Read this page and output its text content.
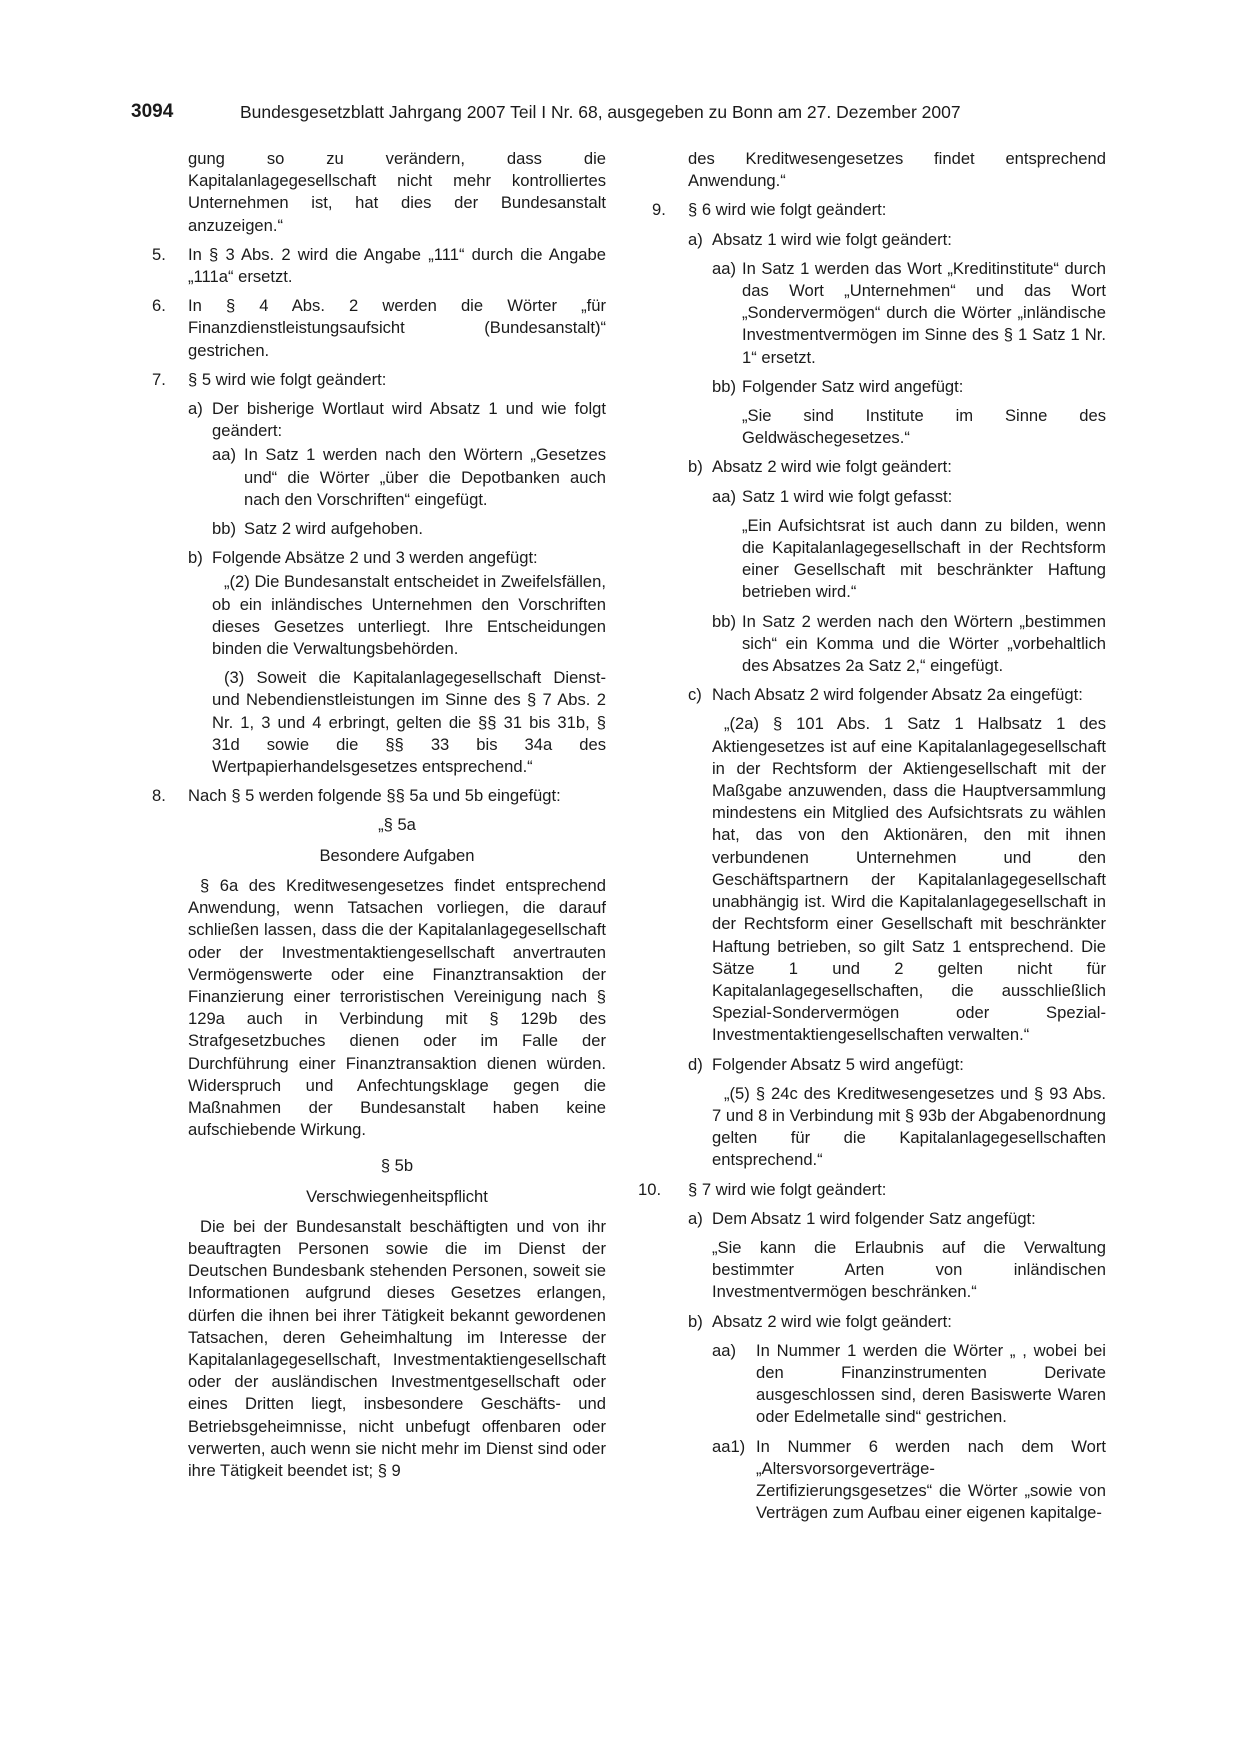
3094	Bundesgesetzblatt Jahrgang 2007 Teil I Nr. 68, ausgegeben zu Bonn am 27. Dezember 2007
gung so zu verändern, dass die Kapitalanlagegesellschaft nicht mehr kontrolliertes Unternehmen ist, hat dies der Bundesanstalt anzuzeigen.“
5. In § 3 Abs. 2 wird die Angabe „111“ durch die Angabe „111a“ ersetzt.
6. In § 4 Abs. 2 werden die Wörter „für Finanzdienstleistungsaufsicht (Bundesanstalt)“ gestrichen.
7. § 5 wird wie folgt geändert:
a) Der bisherige Wortlaut wird Absatz 1 und wie folgt geändert:
aa) In Satz 1 werden nach den Wörtern „Gesetzes und“ die Wörter „über die Depotbanken auch nach den Vorschriften“ eingefügt.
bb) Satz 2 wird aufgehoben.
b) Folgende Absätze 2 und 3 werden angefügt:
„(2) Die Bundesanstalt entscheidet in Zweifelsfällen, ob ein inländisches Unternehmen den Vorschriften dieses Gesetzes unterliegt. Ihre Entscheidungen binden die Verwaltungsbehörden.
(3) Soweit die Kapitalanlagegesellschaft Dienst- und Nebendienstleistungen im Sinne des § 7 Abs. 2 Nr. 1, 3 und 4 erbringt, gelten die §§ 31 bis 31b, § 31d sowie die §§ 33 bis 34a des Wertpapierhandelsgesetzes entsprechend.“
8. Nach § 5 werden folgende §§ 5a und 5b eingefügt:
„§ 5a
Besondere Aufgaben
§ 6a des Kreditwesengesetzes findet entsprechend Anwendung, wenn Tatsachen vorliegen, die darauf schließen lassen, dass die der Kapitalanlagegesellschaft oder der Investmentaktiengesellschaft anvertrauten Vermögenswerte oder eine Finanztransaktion der Finanzierung einer terroristischen Vereinigung nach § 129a auch in Verbindung mit § 129b des Strafgesetzbuches dienen oder im Falle der Durchführung einer Finanztransaktion dienen würden. Widerspruch und Anfechtungsklage gegen die Maßnahmen der Bundesanstalt haben keine aufschiebende Wirkung.
§ 5b
Verschwiegenheitspflicht
Die bei der Bundesanstalt beschäftigten und von ihr beauftragten Personen sowie die im Dienst der Deutschen Bundesbank stehenden Personen, soweit sie Informationen aufgrund dieses Gesetzes erlangen, dürfen die ihnen bei ihrer Tätigkeit bekannt gewordenen Tatsachen, deren Geheimhaltung im Interesse der Kapitalanlagegesellschaft, Investmentaktiengesellschaft oder der ausländischen Investmentgesellschaft oder eines Dritten liegt, insbesondere Geschäfts- und Betriebsgeheimnisse, nicht unbefugt offenbaren oder verwerten, auch wenn sie nicht mehr im Dienst sind oder ihre Tätigkeit beendet ist; § 9
des Kreditwesengesetzes findet entsprechend Anwendung.“
9. § 6 wird wie folgt geändert:
a) Absatz 1 wird wie folgt geändert:
aa) In Satz 1 werden das Wort „Kreditinstitute“ durch das Wort „Unternehmen“ und das Wort „Sondervermögen“ durch die Wörter „inländische Investmentvermögen im Sinne des § 1 Satz 1 Nr. 1“ ersetzt.
bb) Folgender Satz wird angefügt:
„Sie sind Institute im Sinne des Geldwäschegesetzes.“
b) Absatz 2 wird wie folgt geändert:
aa) Satz 1 wird wie folgt gefasst:
„Ein Aufsichtsrat ist auch dann zu bilden, wenn die Kapitalanlagegesellschaft in der Rechtsform einer Gesellschaft mit beschränkter Haftung betrieben wird.“
bb) In Satz 2 werden nach den Wörtern „bestimmen sich“ ein Komma und die Wörter „vorbehaltlich des Absatzes 2a Satz 2,“ eingefügt.
c) Nach Absatz 2 wird folgender Absatz 2a eingefügt:
„(2a) § 101 Abs. 1 Satz 1 Halbsatz 1 des Aktiengesetzes ist auf eine Kapitalanlagegesellschaft in der Rechtsform der Aktiengesellschaft mit der Maßgabe anzuwenden, dass die Hauptversammlung mindestens ein Mitglied des Aufsichtsrats zu wählen hat, das von den Aktionären, den mit ihnen verbundenen Unternehmen und den Geschäftspartnern der Kapitalanlagegesellschaft unabhängig ist. Wird die Kapitalanlagegesellschaft in der Rechtsform einer Gesellschaft mit beschränkter Haftung betrieben, so gilt Satz 1 entsprechend. Die Sätze 1 und 2 gelten nicht für Kapitalanlagegesellschaften, die ausschließlich Spezial-Sondervermögen oder Spezial-Investmentaktiengesellschaften verwalten.“
d) Folgender Absatz 5 wird angefügt:
„(5) § 24c des Kreditwesengesetzes und § 93 Abs. 7 und 8 in Verbindung mit § 93b der Abgabenordnung gelten für die Kapitalanlagegesellschaften entsprechend.“
10. § 7 wird wie folgt geändert:
a) Dem Absatz 1 wird folgender Satz angefügt:
„Sie kann die Erlaubnis auf die Verwaltung bestimmter Arten von inländischen Investmentvermögen beschränken.“
b) Absatz 2 wird wie folgt geändert:
aa) In Nummer 1 werden die Wörter „ , wobei bei den Finanzinstrumenten Derivate ausgeschlossen sind, deren Basiswerte Waren oder Edelmetalle sind“ gestrichen.
aa1) In Nummer 6 werden nach dem Wort „Altersvorsorgeverträge-Zertifizierungsgesetzes“ die Wörter „sowie von Verträgen zum Aufbau einer eigenen kapitalge-
